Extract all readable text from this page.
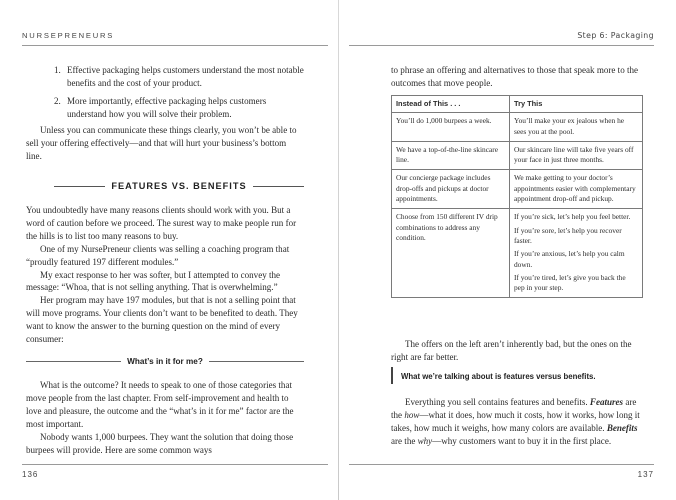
NURSEPRENEURS
1. Effective packaging helps customers understand the most notable benefits and the cost of your product.
2. More importantly, effective packaging helps customers understand how you will solve their problem.

Unless you can communicate these things clearly, you won’t be able to sell your offering effectively—and that will hurt your business’s bottom line.

FEATURES VS. BENEFITS

You undoubtedly have many reasons clients should work with you. But a word of caution before we proceed. The surest way to make people run for the hills is to list too many reasons to buy.

One of my NursePreneur clients was selling a coaching program that “proudly featured 197 different modules.”

My exact response to her was softer, but I attempted to convey the message: “Whoa, that is not selling anything. That is overwhelming.”

Her program may have 197 modules, but that is not a selling point that will move programs. Your clients don’t want to be benefited to death. They want to know the answer to the burning question on the mind of every consumer:

What’s in it for me?

What is the outcome? It needs to speak to one of those categories that move people from the last chapter. From self-improvement and health to love and pleasure, the outcome and the “what’s in it for me” factor are the most important.

Nobody wants 1,000 burpees. They want the solution that doing those burpees will provide. Here are some common ways

136
Step 6: Packaging

to phrase an offering and alternatives to those that speak more to the outcomes that move people.

Instead of This . . .	Try This
You’ll do 1,000 burpees a week.	You’ll make your ex jealous when he sees you at the pool.

We have a top-of-the-line skincare line.	Our skincare line will take five years off your face in just three months.

Our concierge package includes drop-offs and pickups at doctor appointments.	We make getting to your doctor’s appointments easier with complementary appointment drop-off and pickup.

Choose from 150 different IV drip combinations to address any condition.	If you’re sick, let’s help you feel better.
If you’re sore, let’s help you recover faster.
If you’re anxious, let’s help you calm down.
If you’re tired, let’s give you back the pep in your step.

The offers on the left aren’t inherently bad, but the ones on the right are far better.

What we’re talking about is features versus benefits.

Everything you sell contains features and benefits. Features are the how—what it does, how much it costs, how it works, how long it takes, how much it weighs, how many colors are available. Benefits are the why—why customers want to buy it in the first place.

137
